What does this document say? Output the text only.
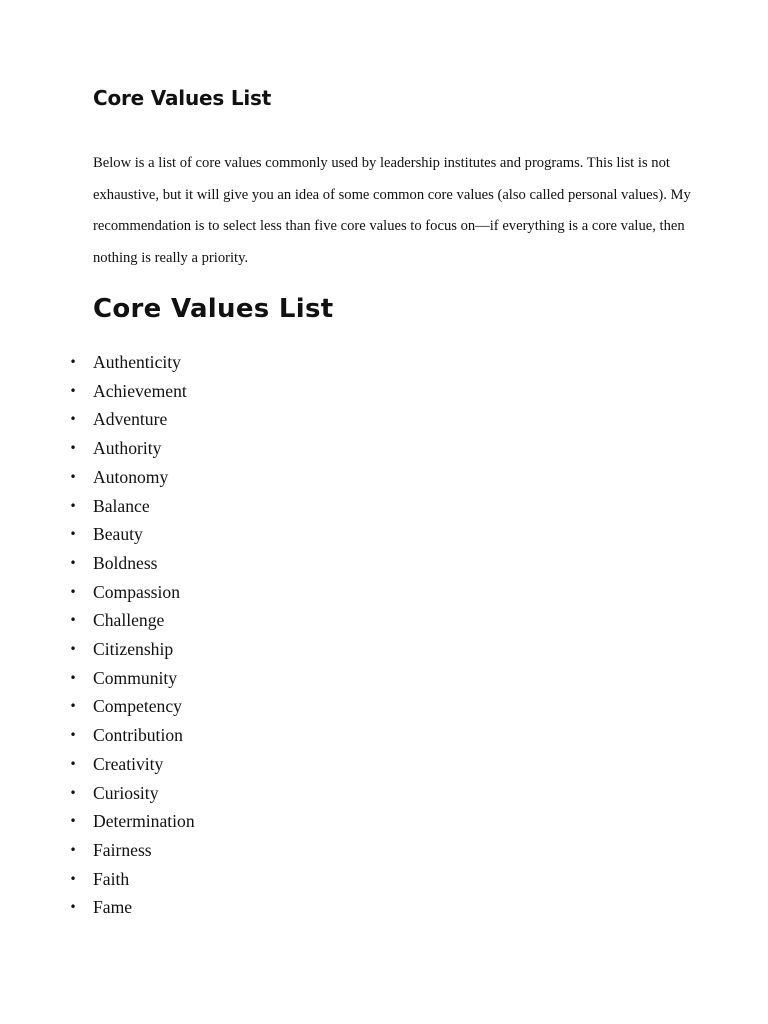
Core Values List

Below is a list of core values commonly used by leadership institutes and programs. This list is not exhaustive, but it will give you an idea of some common core values (also called personal values). My recommendation is to select less than five core values to focus on—if everything is a core value, then nothing is really a priority.

Core Values List
• Authenticity
• Achievement
• Adventure
• Authority
• Autonomy
• Balance
• Beauty
• Boldness
• Compassion
• Challenge
• Citizenship
• Community
• Competency
• Contribution
• Creativity
• Curiosity
• Determination
• Fairness
• Faith
• Fame
